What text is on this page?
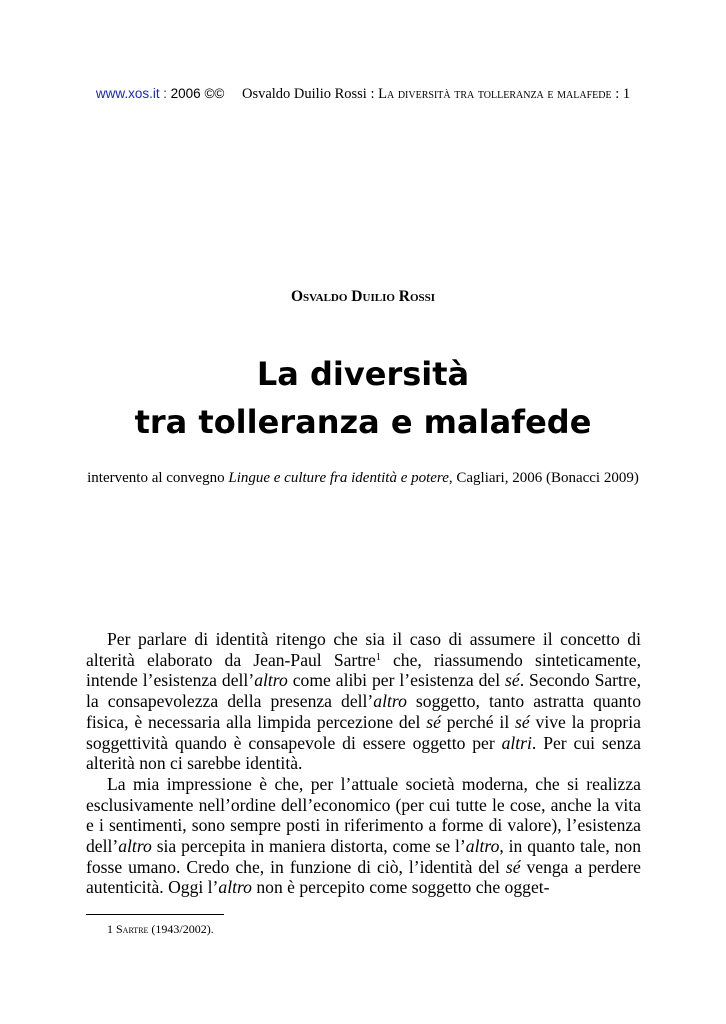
www.xos.it : 2006 ©© Osvaldo Duilio Rossi : La diversità tra tolleranza e malafede : 1
Osvaldo Duilio Rossi
La diversità
tra tolleranza e malafede
intervento al convegno Lingue e culture fra identità e potere, Cagliari, 2006 (Bonacci 2009)

Per parlare di identità ritengo che sia il caso di assumere il concetto di alterità elaborato da Jean-Paul Sartre$^1$ che, riassumendo sinteticamente, intende l’esistenza dell’altro come alibi per l’esistenza del sé. Secondo Sartre, la consapevolezza della presenza dell’altro soggetto, tanto astratta quanto fisica, è necessaria alla limpida percezione del sé perché il sé vive la propria soggettività quando è consapevole di essere oggetto per altri. Per cui senza alterità non ci sarebbe identità.

La mia impressione è che, per l’attuale società moderna, che si realizza esclusivamente nell’ordine dell’economico (per cui tutte le cose, anche la vita e i sentimenti, sono sempre posti in riferimento a forme di valore), l’esistenza dell’altro sia percepita in maniera distorta, come se l’altro, in quanto tale, non fosse umano. Credo che, in funzione di ciò, l’identità del sé venga a perdere autenticità. Oggi l’altro non è percepito come soggetto che ogget-

1 Sartre (1943/2002).
